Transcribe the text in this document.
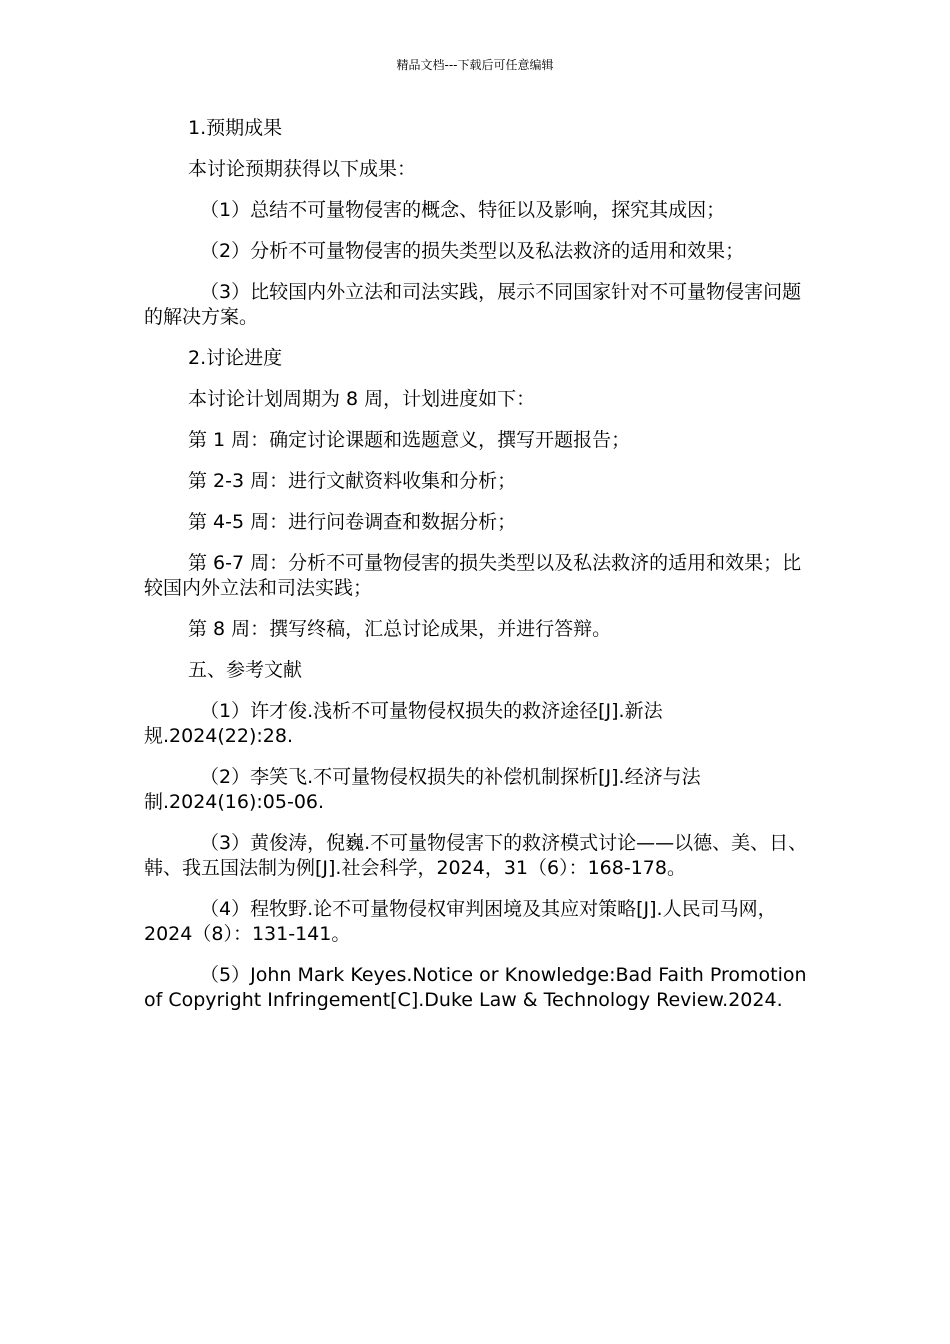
精品文档---下载后可任意编辑

1.预期成果

本讨论预期获得以下成果：

（1）总结不可量物侵害的概念、特征以及影响，探究其成因；

（2）分析不可量物侵害的损失类型以及私法救济的适用和效果；

（3）比较国内外立法和司法实践，展示不同国家针对不可量物侵害问题的解决方案。

2.讨论进度

本讨论计划周期为 8 周，计划进度如下：

第 1 周：确定讨论课题和选题意义，撰写开题报告；

第 2-3 周：进行文献资料收集和分析；

第 4-5 周：进行问卷调查和数据分析；

第 6-7 周：分析不可量物侵害的损失类型以及私法救济的适用和效果；比较国内外立法和司法实践；

第 8 周：撰写终稿，汇总讨论成果，并进行答辩。

五、参考文献

（1）许才俊.浅析不可量物侵权损失的救济途径[J].新法规.2024(22):28.

（2）李笑飞.不可量物侵权损失的补偿机制探析[J].经济与法制.2024(16):05-06.

（3）黄俊涛，倪巍.不可量物侵害下的救济模式讨论——以德、美、日、韩、我五国法制为例[J].社会科学，2024，31（6）：168-178。

（4）程牧野.论不可量物侵权审判困境及其应对策略[J].人民司马网，2024（8）：131-141。

（5）John Mark Keyes.Notice or Knowledge:Bad Faith Promotion of Copyright Infringement[C].Duke Law & Technology Review.2024.
